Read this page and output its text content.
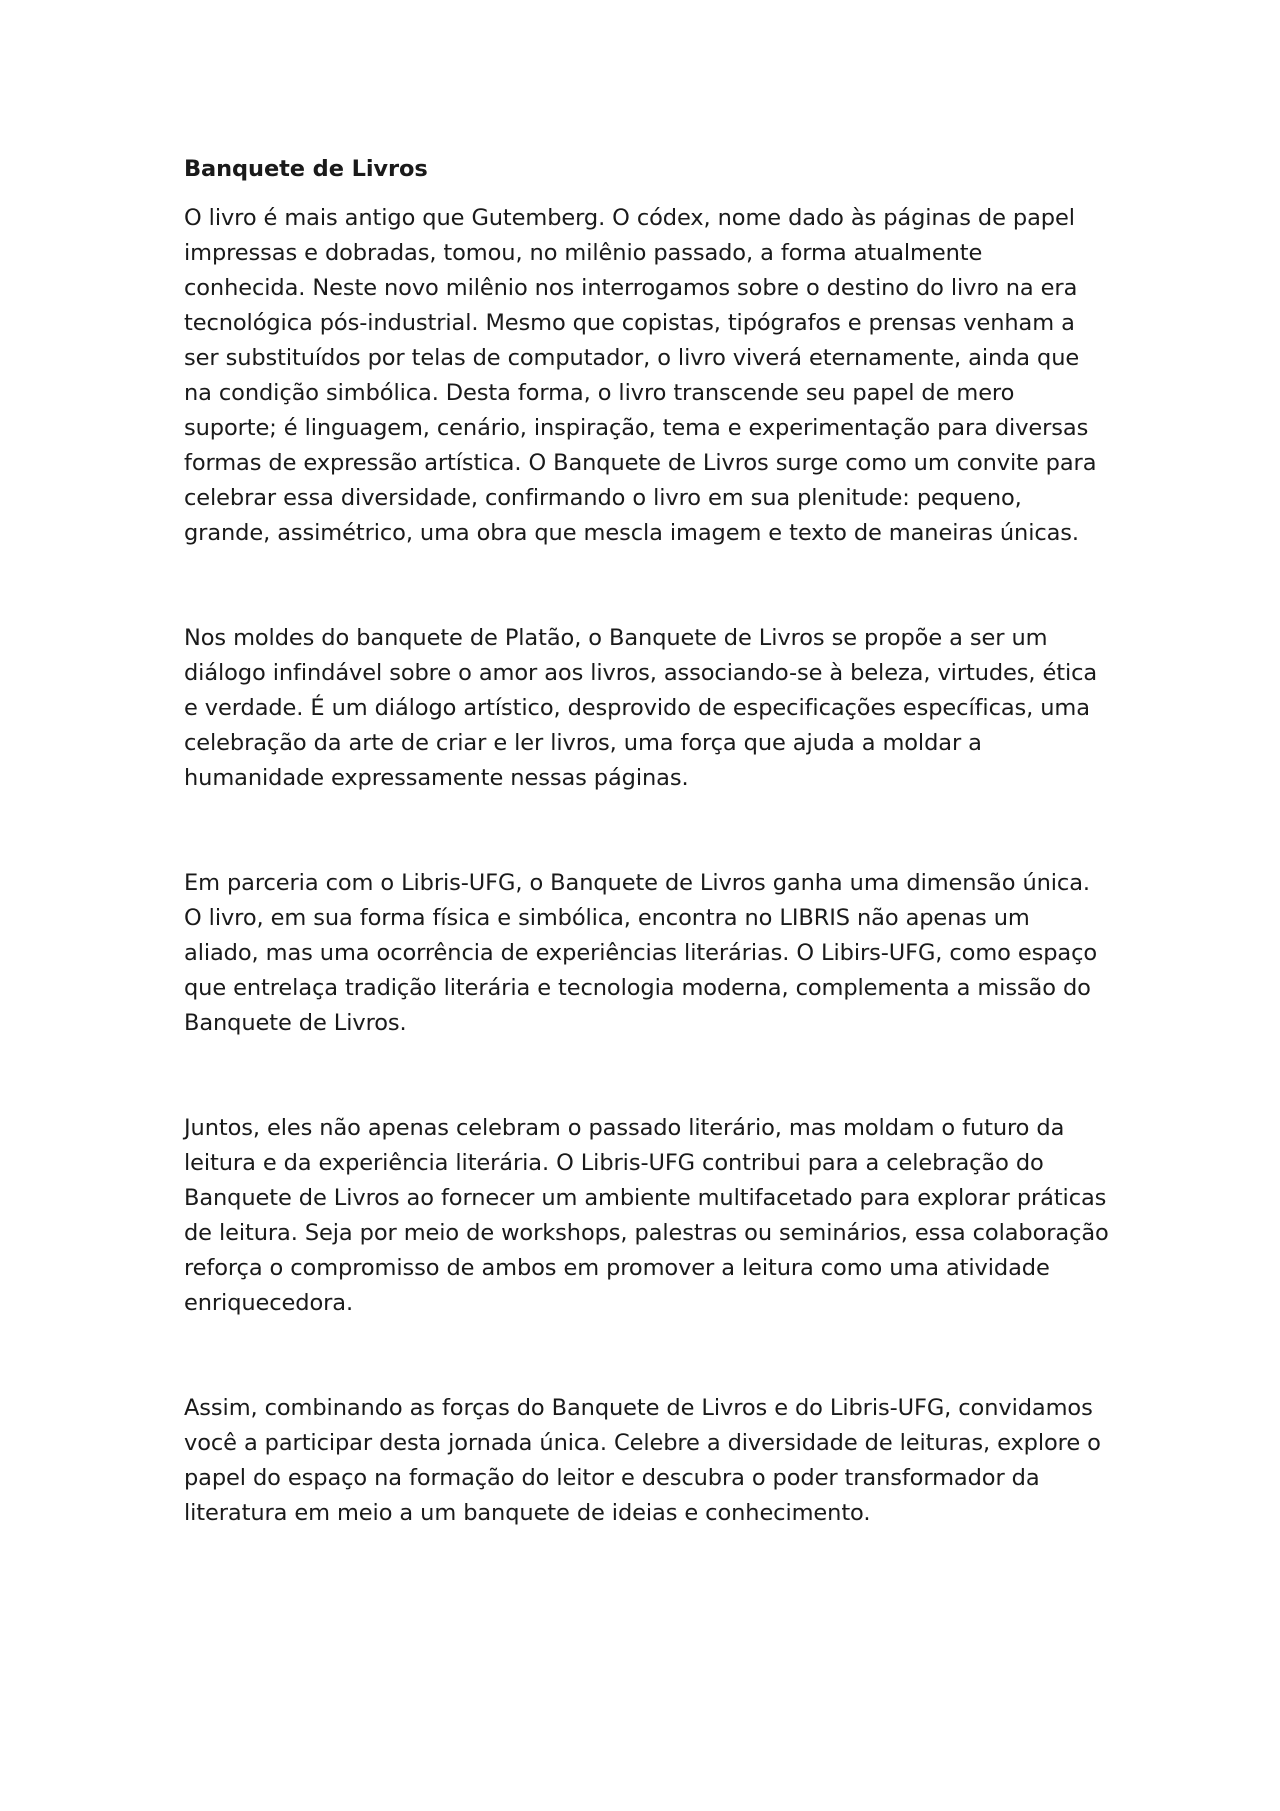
Banquete de Livros

O livro é mais antigo que Gutemberg. O códex, nome dado às páginas de papel impressas e dobradas, tomou, no milênio passado, a forma atualmente conhecida. Neste novo milênio nos interrogamos sobre o destino do livro na era tecnológica pós-industrial. Mesmo que copistas, tipógrafos e prensas venham a ser substituídos por telas de computador, o livro viverá eternamente, ainda que na condição simbólica. Desta forma, o livro transcende seu papel de mero suporte; é linguagem, cenário, inspiração, tema e experimentação para diversas formas de expressão artística. O Banquete de Livros surge como um convite para celebrar essa diversidade, confirmando o livro em sua plenitude: pequeno, grande, assimétrico, uma obra que mescla imagem e texto de maneiras únicas.

Nos moldes do banquete de Platão, o Banquete de Livros se propõe a ser um diálogo infindável sobre o amor aos livros, associando-se à beleza, virtudes, ética e verdade. É um diálogo artístico, desprovido de especificações específicas, uma celebração da arte de criar e ler livros, uma força que ajuda a moldar a humanidade expressamente nessas páginas.

Em parceria com o Libris-UFG, o Banquete de Livros ganha uma dimensão única. O livro, em sua forma física e simbólica, encontra no LIBRIS não apenas um aliado, mas uma ocorrência de experiências literárias. O Libirs-UFG, como espaço que entrelaça tradição literária e tecnologia moderna, complementa a missão do Banquete de Livros.

Juntos, eles não apenas celebram o passado literário, mas moldam o futuro da leitura e da experiência literária. O Libris-UFG contribui para a celebração do Banquete de Livros ao fornecer um ambiente multifacetado para explorar práticas de leitura. Seja por meio de workshops, palestras ou seminários, essa colaboração reforça o compromisso de ambos em promover a leitura como uma atividade enriquecedora.

Assim, combinando as forças do Banquete de Livros e do Libris-UFG, convidamos você a participar desta jornada única. Celebre a diversidade de leituras, explore o papel do espaço na formação do leitor e descubra o poder transformador da literatura em meio a um banquete de ideias e conhecimento.
